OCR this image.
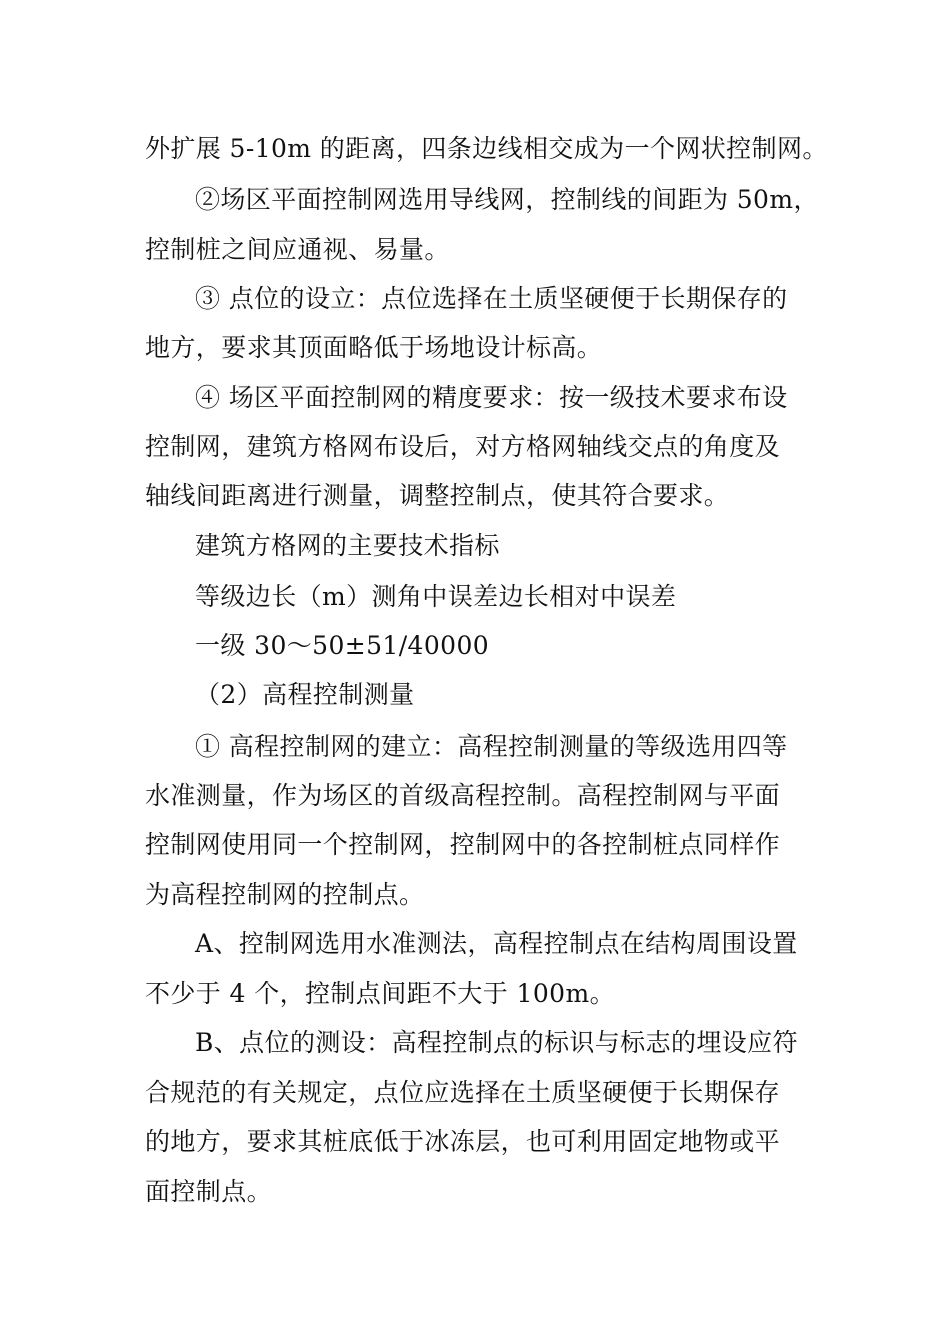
外扩展 5-10m 的距离，四条边线相交成为一个网状控制网。
②场区平面控制网选用导线网，控制线的间距为 50m，
控制桩之间应通视、易量。
③ 点位的设立：点位选择在土质坚硬便于长期保存的
地方，要求其顶面略低于场地设计标高。
④ 场区平面控制网的精度要求：按一级技术要求布设
控制网，建筑方格网布设后，对方格网轴线交点的角度及
轴线间距离进行测量，调整控制点，使其符合要求。
建筑方格网的主要技术指标
等级边长（m）测角中误差边长相对中误差
一级 30～50±51/40000
（2）高程控制测量
① 高程控制网的建立：高程控制测量的等级选用四等
水准测量，作为场区的首级高程控制。高程控制网与平面
控制网使用同一个控制网，控制网中的各控制桩点同样作
为高程控制网的控制点。
A、控制网选用水准测法，高程控制点在结构周围设置
不少于 4 个，控制点间距不大于 100m。
B、点位的测设：高程控制点的标识与标志的埋设应符
合规范的有关规定，点位应选择在土质坚硬便于长期保存
的地方，要求其桩底低于冰冻层，也可利用固定地物或平
面控制点。
